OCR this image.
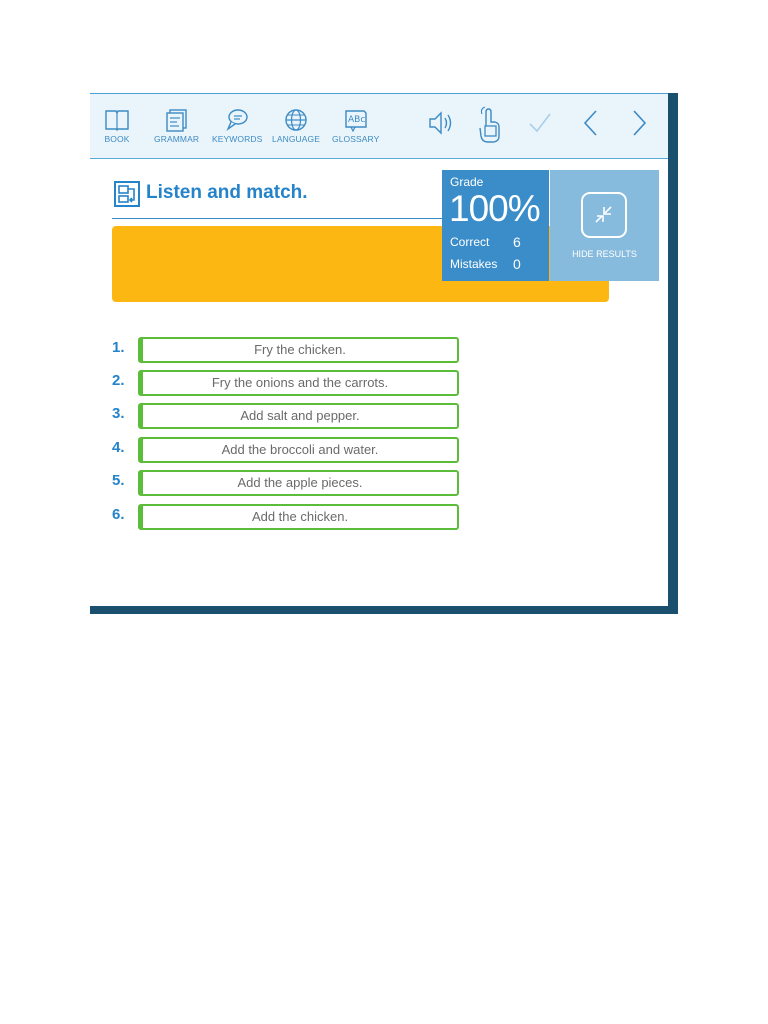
BOOK	GRAMMAR KEYWORDS LANGUAGE
ABc
GLOSSARY
Listen and match.	Grade
100%
Correct 6
Mistakes 0
HIDE RESULTS
1.	Fry the chicken.
2.	Fry the onions and the carrots.
3.	Add salt and pepper.
4.	Add the broccoli and water.
5.	Add the apple pieces.
6.	Add the chicken.
